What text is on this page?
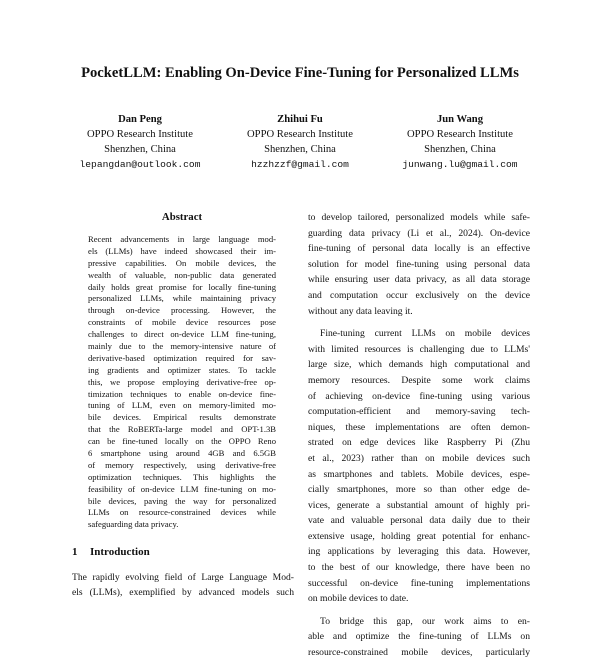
PocketLLM: Enabling On-Device Fine-Tuning for Personalized LLMs
Dan Peng
OPPO Research Institute
Shenzhen, China
lepangdan@outlook.com
Zhihui Fu
OPPO Research Institute
Shenzhen, China
hzzhzzf@gmail.com
Jun Wang
OPPO Research Institute
Shenzhen, China
junwang.lu@gmail.com
Abstract
Recent advancements in large language mod-
els (LLMs) have indeed showcased their im-
pressive capabilities. On mobile devices, the
wealth of valuable, non-public data generated
daily holds great promise for locally fine-tuning
personalized LLMs, while maintaining privacy
through on-device processing. However, the
constraints of mobile device resources pose
challenges to direct on-device LLM fine-tuning,
mainly due to the memory-intensive nature of
derivative-based optimization required for sav-
ing gradients and optimizer states. To tackle
this, we propose employing derivative-free op-
timization techniques to enable on-device fine-
tuning of LLM, even on memory-limited mo-
bile devices. Empirical results demonstrate
that the RoBERTa-large model and OPT-1.3B
can be fine-tuned locally on the OPPO Reno
6 smartphone using around 4GB and 6.5GB
of memory respectively, using derivative-free
optimization techniques. This highlights the
feasibility of on-device LLM fine-tuning on mo-
bile devices, paving the way for personalized
LLMs on resource-constrained devices while
safeguarding data privacy.
1 Introduction
The rapidly evolving field of Large Language Mod-
els (LLMs), exemplified by advanced models such
to develop tailored, personalized models while safe-
guarding data privacy (Li et al., 2024). On-device
fine-tuning of personal data locally is an effective
solution for model fine-tuning using personal data
while ensuring user data privacy, as all data storage
and computation occur exclusively on the device
without any data leaving it.
Fine-tuning current LLMs on mobile devices
with limited resources is challenging due to LLMs'
large size, which demands high computational and
memory resources. Despite some work claims
of achieving on-device fine-tuning using various
computation-efficient and memory-saving tech-
niques, these implementations are often demon-
strated on edge devices like Raspberry Pi (Zhu
et al., 2023) rather than on mobile devices such
as smartphones and tablets. Mobile devices, espe-
cially smartphones, more so than other edge de-
vices, generate a substantial amount of highly pri-
vate and valuable personal data daily due to their
extensive usage, holding great potential for enhanc-
ing applications by leveraging this data. However,
to the best of our knowledge, there have been no
successful on-device fine-tuning implementations
on mobile devices to date.
To bridge this gap, our work aims to en-
able and optimize the fine-tuning of LLMs on
resource-constrained mobile devices, particularly
